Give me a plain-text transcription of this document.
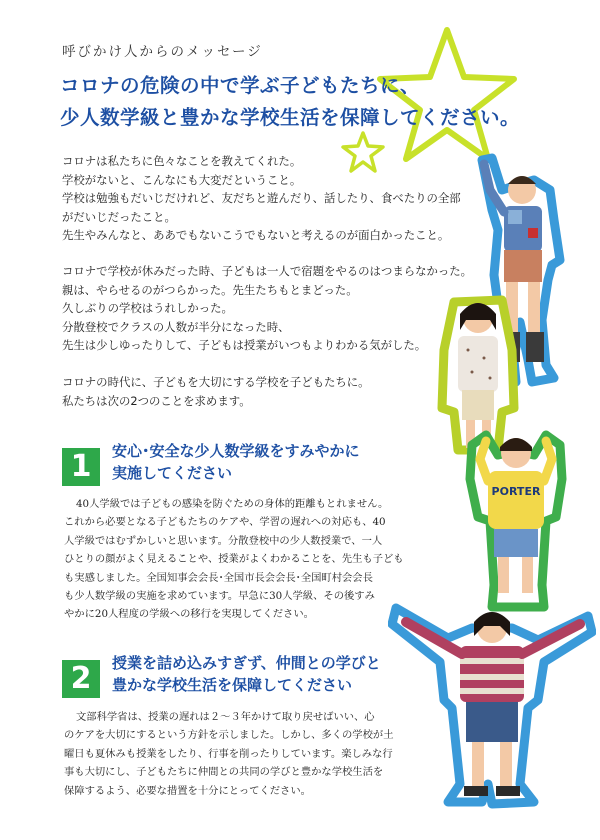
呼びかけ人からのメッセージ
コロナの危険の中で学ぶ子どもたちに、
少人数学級と豊かな学校生活を保障してください。
コロナは私たちに色々なことを教えてくれた。
学校がないと、こんなにも大変だということ。
学校は勉強もだいじだけれど、友だちと遊んだり、話したり、食べたりの全部
がだいじだったこと。
先生やみんなと、ああでもないこうでもないと考えるのが面白かったこと。
コロナで学校が休みだった時、子どもは一人で宿題をやるのはつまらなかった。
親は、やらせるのがつらかった。先生たちもとまどった。
久しぶりの学校はうれしかった。
分散登校でクラスの人数が半分になった時、
先生は少しゆったりして、子どもは授業がいつもよりわかる気がした。
コロナの時代に、子どもを大切にする学校を子どもたちに。
私たちは次の2つのことを求めます。
1	安心･安全な少人数学級をすみやかに
実施してください
40人学級では子どもの感染を防ぐための身体的距離もとれません。
これから必要となる子どもたちのケアや、学習の遅れへの対応も、40
人学級ではむずかしいと思います。分散登校中の少人数授業で、一人
ひとりの顔がよく見えることや、授業がよくわかることを、先生も子ども
も実感しました。全国知事会会長･全国市長会会長･全国町村会会長
も少人数学級の実施を求めています。早急に30人学級、その後すみ
やかに20人程度の学級への移行を実現してください。
2	授業を詰め込みすぎず、仲間との学びと
豊かな学校生活を保障してください
文部科学省は、授業の遅れは２～３年かけて取り戻せばいい、心
のケアを大切にするという方針を示しました。しかし、多くの学校が土
曜日も夏休みも授業をしたり、行事を削ったりしています。楽しみな行
事も大切にし、子どもたちに仲間との共同の学びと豊かな学校生活を
保障するよう、必要な措置を十分にとってください。
PORTER
